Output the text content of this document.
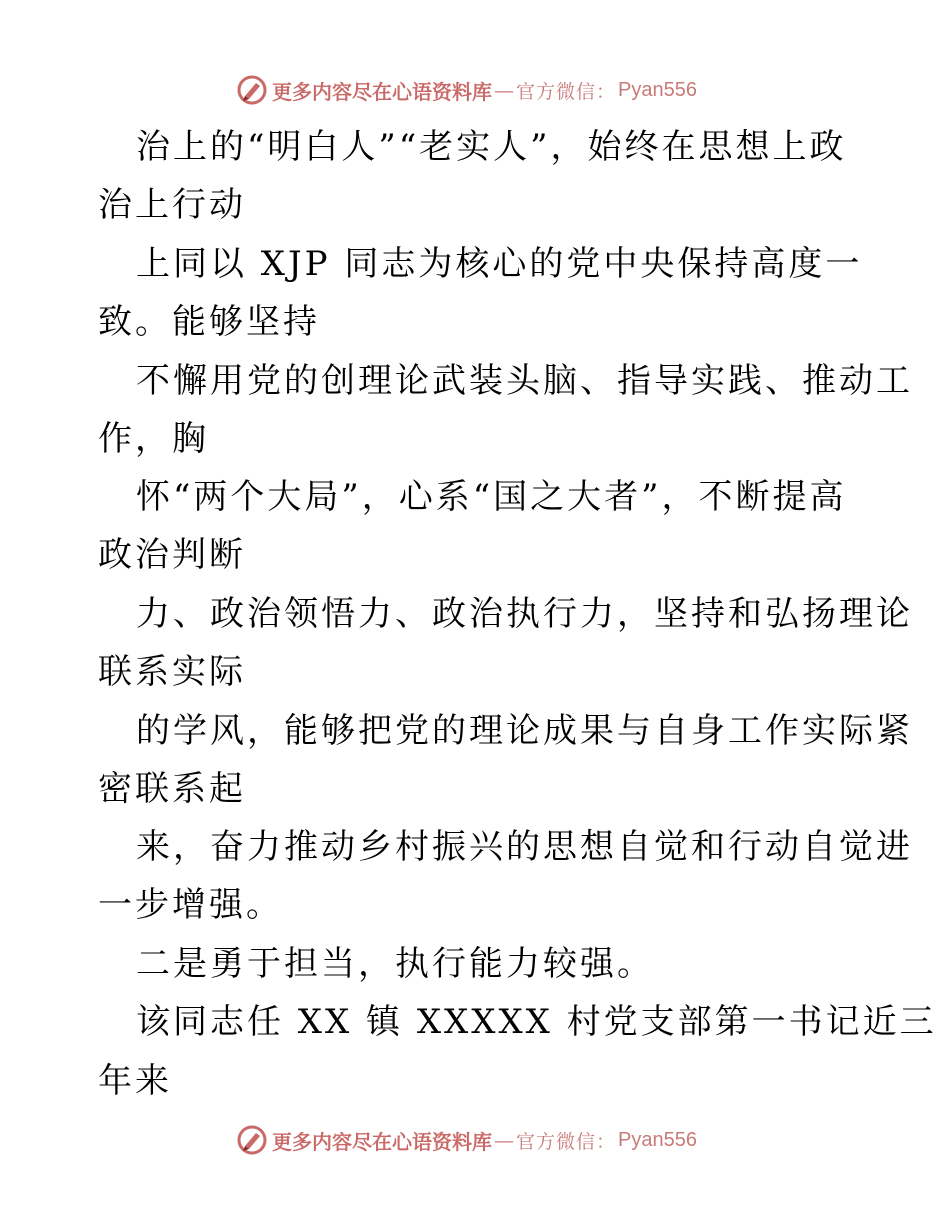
更多内容尽在心语资料库 — 官方微信： Pyan556
治上的“明白人”“老实人”，始终在思想上政
治上行动
上同以 XJP 同志为核心的党中央保持高度一
致。能够坚持
不懈用党的创理论武装头脑、指导实践、推动工
作，胸
怀“两个大局”，心系“国之大者”，不断提高
政治判断
力、政治领悟力、政治执行力，坚持和弘扬理论
联系实际
的学风，能够把党的理论成果与自身工作实际紧
密联系起
来，奋力推动乡村振兴的思想自觉和行动自觉进
一步增强。
二是勇于担当，执行能力较强。
该同志任 XX 镇 XXXXX 村党支部第一书记近三
年来
更多内容尽在心语资料库 — 官方微信： Pyan556
